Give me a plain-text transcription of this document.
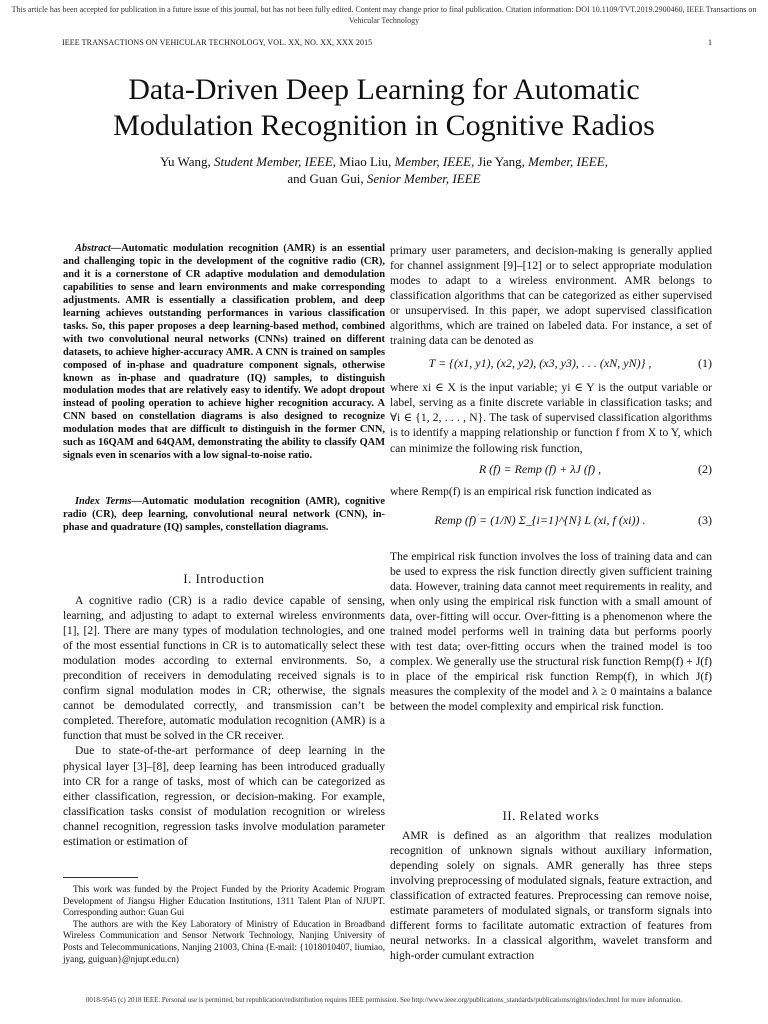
This article has been accepted for publication in a future issue of this journal, but has not been fully edited. Content may change prior to final publication. Citation information: DOI 10.1109/TVT.2019.2900460, IEEE Transactions on Vehicular Technology
IEEE TRANSACTIONS ON VEHICULAR TECHNOLOGY, VOL. XX, NO. XX, XXX 2015	1
Data-Driven Deep Learning for Automatic Modulation Recognition in Cognitive Radios
Yu Wang, Student Member, IEEE, Miao Liu, Member, IEEE, Jie Yang, Member, IEEE,
and Guan Gui, Senior Member, IEEE
Abstract—Automatic modulation recognition (AMR) is an essential and challenging topic in the development of the cognitive radio (CR), and it is a cornerstone of CR adaptive modulation and demodulation capabilities to sense and learn environments and make corresponding adjustments. AMR is essentially a classification problem, and deep learning achieves outstanding performances in various classification tasks. So, this paper proposes a deep learning-based method, combined with two convolutional neural networks (CNNs) trained on different datasets, to achieve higher-accuracy AMR. A CNN is trained on samples composed of in-phase and quadrature component signals, otherwise known as in-phase and quadrature (IQ) samples, to distinguish modulation modes that are relatively easy to identify. We adopt dropout instead of pooling operation to achieve higher recognition accuracy. A CNN based on constellation diagrams is also designed to recognize modulation modes that are difficult to distinguish in the former CNN, such as 16QAM and 64QAM, demonstrating the ability to classify QAM signals even in scenarios with a low signal-to-noise ratio.
Index Terms—Automatic modulation recognition (AMR), cognitive radio (CR), deep learning, convolutional neural network (CNN), in-phase and quadrature (IQ) samples, constellation diagrams.
I. Introduction

A cognitive radio (CR) is a radio device capable of sensing, learning, and adjusting to adapt to external wireless environments [1], [2]. There are many types of modulation technologies, and one of the most essential functions in CR is to automatically select these modulation modes according to external environments. So, a precondition of receivers in demodulating received signals is to confirm signal modulation modes in CR; otherwise, the signals cannot be demodulated correctly, and transmission can’t be completed. Therefore, automatic modulation recognition (AMR) is a function that must be solved in the CR receiver.

Due to state-of-the-art performance of deep learning in the physical layer [3]–[8], deep learning has been introduced gradually into CR for a range of tasks, most of which can be categorized as either classification, regression, or decision-making. For example, classification tasks consist of modulation recognition or wireless channel recognition, regression tasks involve modulation parameter estimation or estimation of

This work was funded by the Project Funded by the Priority Academic Program Development of Jiangsu Higher Education Institutions, 1311 Talent Plan of NJUPT. Corresponding author: Guan Gui

The authors are with the Key Laboratory of Ministry of Education in Broadband Wireless Communication and Sensor Network Technology, Nanjing University of Posts and Telecommunications, Nanjing 21003, China (E-mail: {1018010407, liumiao, jyang, guiguan}@njupt.edu.cn)

primary user parameters, and decision-making is generally applied for channel assignment [9]–[12] or to select appropriate modulation modes to adapt to a wireless environment. AMR belongs to classification algorithms that can be categorized as either supervised or unsupervised. In this paper, we adopt supervised classification algorithms, which are trained on labeled data. For instance, a set of training data can be denoted as

T = {(x1, y1), (x2, y2), (x3, y3), . . . (xN, yN)} ,	(1)

where xi ∈ X is the input variable; yi ∈ Y is the output variable or label, serving as a finite discrete variable in classification tasks; and ∀i ∈ {1, 2, . . . , N}. The task of supervised classification algorithms is to identify a mapping relationship or function f from X to Y, which can minimize the following risk function,

R (f) = Remp (f) + λJ (f) ,	(2)

where Remp(f) is an empirical risk function indicated as

Remp (f) = (1/N) Σ_{i=1}^{N} L (xi, f (xi)) .	(3)

The empirical risk function involves the loss of training data and can be used to express the risk function directly given sufficient training data. However, training data cannot meet requirements in reality, and when only using the empirical risk function with a small amount of data, over-fitting will occur. Over-fitting is a phenomenon where the trained model performs well in training data but performs poorly with test data; over-fitting occurs when the trained model is too complex. We generally use the structural risk function Remp(f) + J(f) in place of the empirical risk function Remp(f), in which J(f) measures the complexity of the model and λ ≥ 0 maintains a balance between the model complexity and empirical risk function.

II. Related works

AMR is defined as an algorithm that realizes modulation recognition of unknown signals without auxiliary information, depending solely on signals. AMR generally has three steps involving preprocessing of modulated signals, feature extraction, and classification of extracted features. Preprocessing can remove noise, estimate parameters of modulated signals, or transform signals into different forms to facilitate automatic extraction of features from neural networks. In a classical algorithm, wavelet transform and high-order cumulant extraction

0018-9545 (c) 2018 IEEE. Personal use is permitted, but republication/redistribution requires IEEE permission. See http://www.ieee.org/publications_standards/publications/rights/index.html for more information.
